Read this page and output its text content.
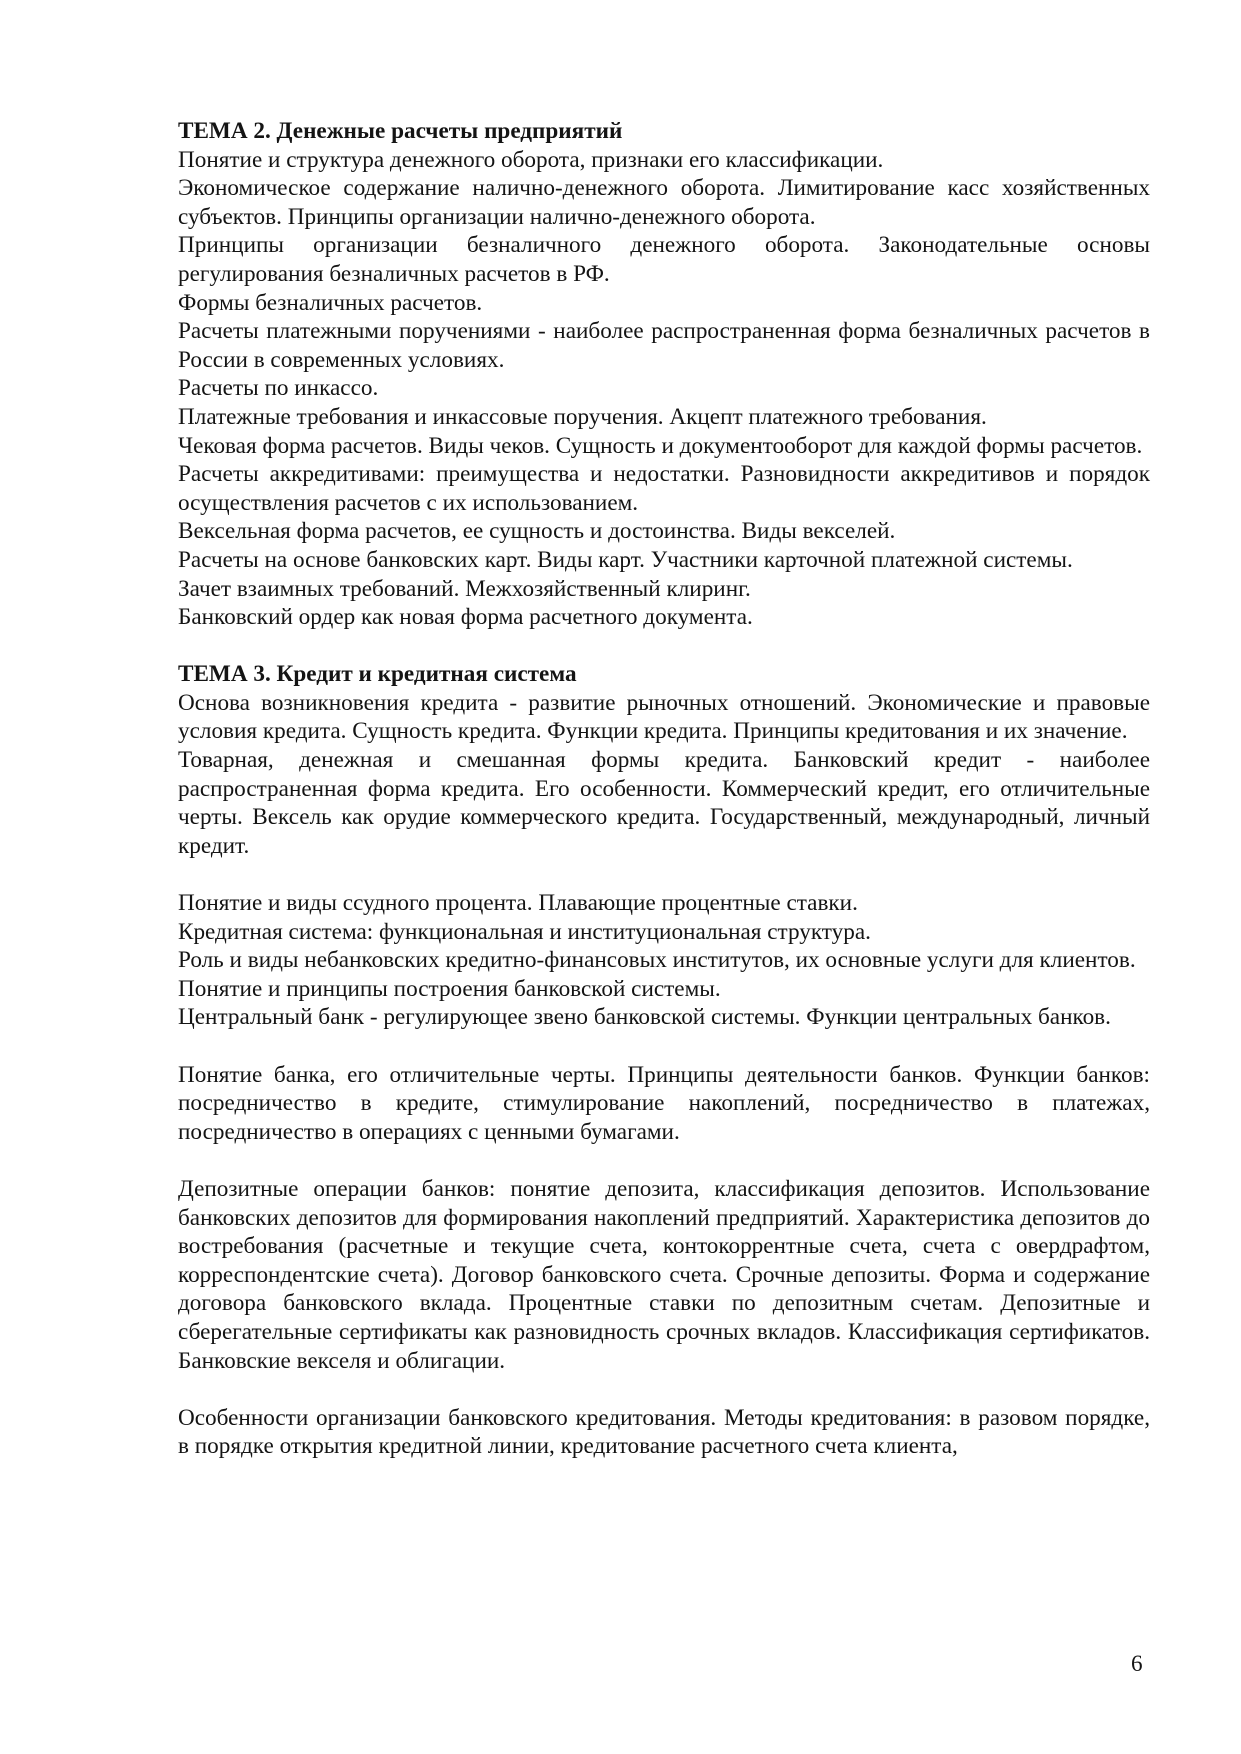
ТЕМА 2. Денежные расчеты предприятий

Понятие и структура денежного оборота, признаки его классификации.

Экономическое содержание налично-денежного оборота. Лимитирование касс хозяйственных субъектов. Принципы организации налично-денежного оборота.

Принципы организации безналичного денежного оборота. Законодательные основы регулирования безналичных расчетов в РФ.

Формы безналичных расчетов.

Расчеты платежными поручениями - наиболее распространенная форма безналичных расчетов в России в современных условиях.

Расчеты по инкассо.

Платежные требования и инкассовые поручения. Акцепт платежного требования.

Чековая форма расчетов. Виды чеков. Сущность и документооборот для каждой формы расчетов.

Расчеты аккредитивами: преимущества и недостатки. Разновидности аккредитивов и порядок осуществления расчетов с их использованием.

Вексельная форма расчетов, ее сущность и достоинства. Виды векселей.

Расчеты на основе банковских карт. Виды карт. Участники карточной платежной системы.

Зачет взаимных требований. Межхозяйственный клиринг.

Банковский ордер как новая форма расчетного документа.

ТЕМА 3. Кредит и кредитная система

Основа возникновения кредита - развитие рыночных отношений. Экономические и правовые условия кредита. Сущность кредита. Функции кредита. Принципы кредитования и их значение.

Товарная, денежная и смешанная формы кредита. Банковский кредит - наиболее распространенная форма кредита. Его особенности. Коммерческий кредит, его отличительные черты. Вексель как орудие коммерческого кредита. Государственный, международный, личный кредит.

Понятие и виды ссудного процента. Плавающие процентные ставки.

Кредитная система: функциональная и институциональная структура.

Роль и виды небанковских кредитно-финансовых институтов, их основные услуги для клиентов.

Понятие и принципы построения банковской системы.

Центральный банк - регулирующее звено банковской системы. Функции центральных банков.

Понятие банка, его отличительные черты. Принципы деятельности банков. Функции банков: посредничество в кредите, стимулирование накоплений, посредничество в платежах, посредничество в операциях с ценными бумагами.

Депозитные операции банков: понятие депозита, классификация депозитов. Использование банковских депозитов для формирования накоплений предприятий. Характеристика депозитов до востребования (расчетные и текущие счета, контокоррентные счета, счета с овердрафтом, корреспондентские счета). Договор банковского счета. Срочные депозиты. Форма и содержание договора банковского вклада. Процентные ставки по депозитным счетам. Депозитные и сберегательные сертификаты как разновидность срочных вкладов. Классификация сертификатов. Банковские векселя и облигации.

Особенности организации банковского кредитования. Методы кредитования: в разовом порядке, в порядке открытия кредитной линии, кредитование расчетного счета клиента,

6
